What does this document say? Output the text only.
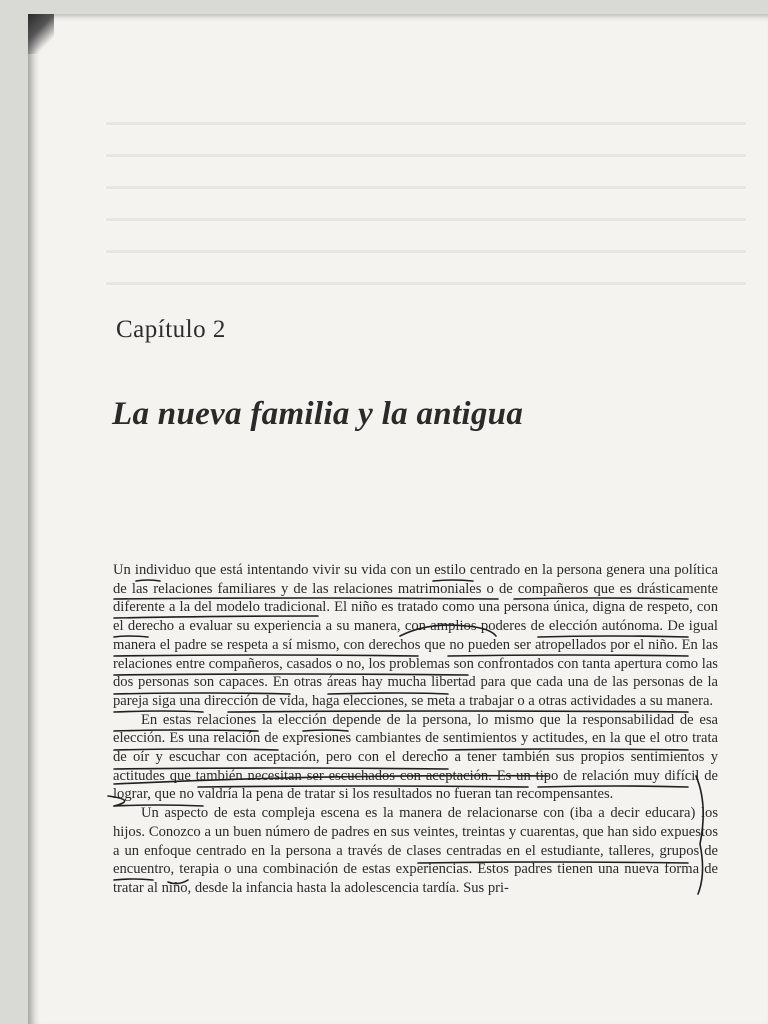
Capítulo 2
La nueva familia y la antigua

Un individuo que está intentando vivir su vida con un estilo centrado en la persona genera una política de las relaciones familiares y de las relaciones matrimoniales o de compañeros que es drásticamente diferente a la del modelo tradicional. El niño es tratado como una persona única, digna de respeto, con el derecho a evaluar su experiencia a su manera, con amplios poderes de elección autónoma. De igual manera el padre se respeta a sí mismo, con derechos que no pueden ser atropellados por el niño. En las relaciones entre compañeros, casados o no, los problemas son confrontados con tanta apertura como las dos personas son capaces. En otras áreas hay mucha libertad para que cada una de las personas de la pareja siga una dirección de vida, haga elecciones, se meta a trabajar o a otras actividades a su manera.

En estas relaciones la elección depende de la persona, lo mismo que la responsabilidad de esa elección. Es una relación de expresiones cambiantes de sentimientos y actitudes, en la que el otro trata de oír y escuchar con aceptación, pero con el derecho a tener también sus propios sentimientos y actitudes que también necesitan ser escuchados con aceptación. Es un tipo de relación muy difícil de lograr, que no valdría la pena de tratar si los resultados no fueran tan recompensantes.

Un aspecto de esta compleja escena es la manera de relacionarse con (iba a decir educara) los hijos. Conozco a un buen número de padres en sus veintes, treintas y cuarentas, que han sido expuestos a un enfoque centrado en la persona a través de clases centradas en el estudiante, talleres, grupos de encuentro, terapia o una combinación de estas experiencias. Estos padres tienen una nueva forma de tratar al niño, desde la infancia hasta la adolescencia tardía. Sus pri-
